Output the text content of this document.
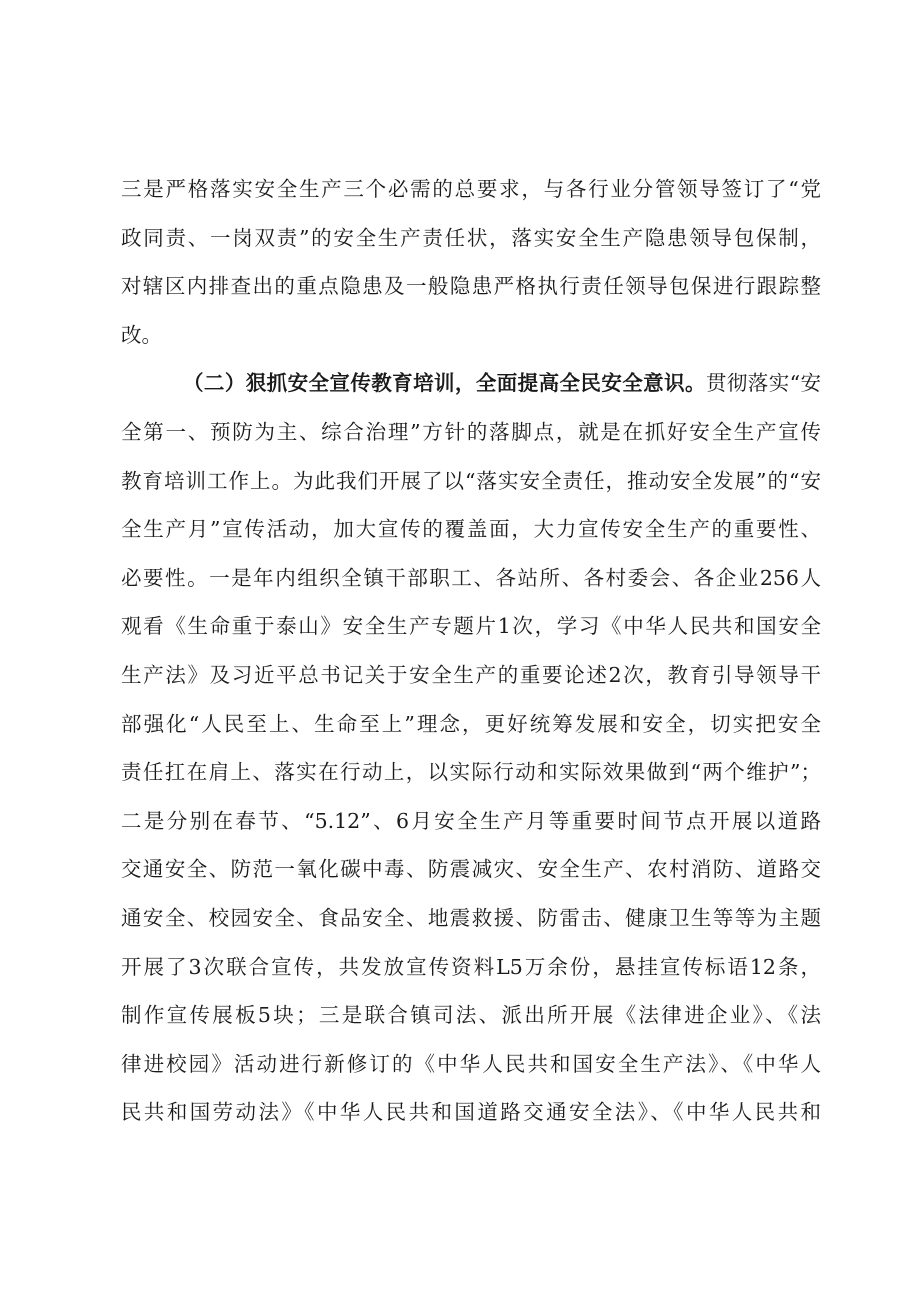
三是严格落实安全生产三个必需的总要求，与各行业分管领导签订了“党
政同责、一岗双责”的安全生产责任状，落实安全生产隐患领导包保制，
对辖区内排查出的重点隐患及一般隐患严格执行责任领导包保进行跟踪整
改。
（二）狠抓安全宣传教育培训，全面提高全民安全意识。贯彻落实“安
全第一、预防为主、综合治理”方针的落脚点，就是在抓好安全生产宣传
教育培训工作上。为此我们开展了以“落实安全责任，推动安全发展”的“安
全生产月”宣传活动，加大宣传的覆盖面，大力宣传安全生产的重要性、
必要性。一是年内组织全镇干部职工、各站所、各村委会、各企业256人
观看《生命重于泰山》安全生产专题片1次，学习《中华人民共和国安全
生产法》及习近平总书记关于安全生产的重要论述2次，教育引导领导干
部强化“人民至上、生命至上”理念，更好统筹发展和安全，切实把安全
责任扛在肩上、落实在行动上，以实际行动和实际效果做到“两个维护”；
二是分别在春节、“5.12”、6月安全生产月等重要时间节点开展以道路
交通安全、防范一氧化碳中毒、防震减灾、安全生产、农村消防、道路交
通安全、校园安全、食品安全、地震救援、防雷击、健康卫生等等为主题
开展了3次联合宣传，共发放宣传资料L5万余份，悬挂宣传标语12条，
制作宣传展板5块；三是联合镇司法、派出所开展《法律进企业》、《法
律进校园》活动进行新修订的《中华人民共和国安全生产法》、《中华人
民共和国劳动法》《中华人民共和国道路交通安全法》、《中华人民共和
